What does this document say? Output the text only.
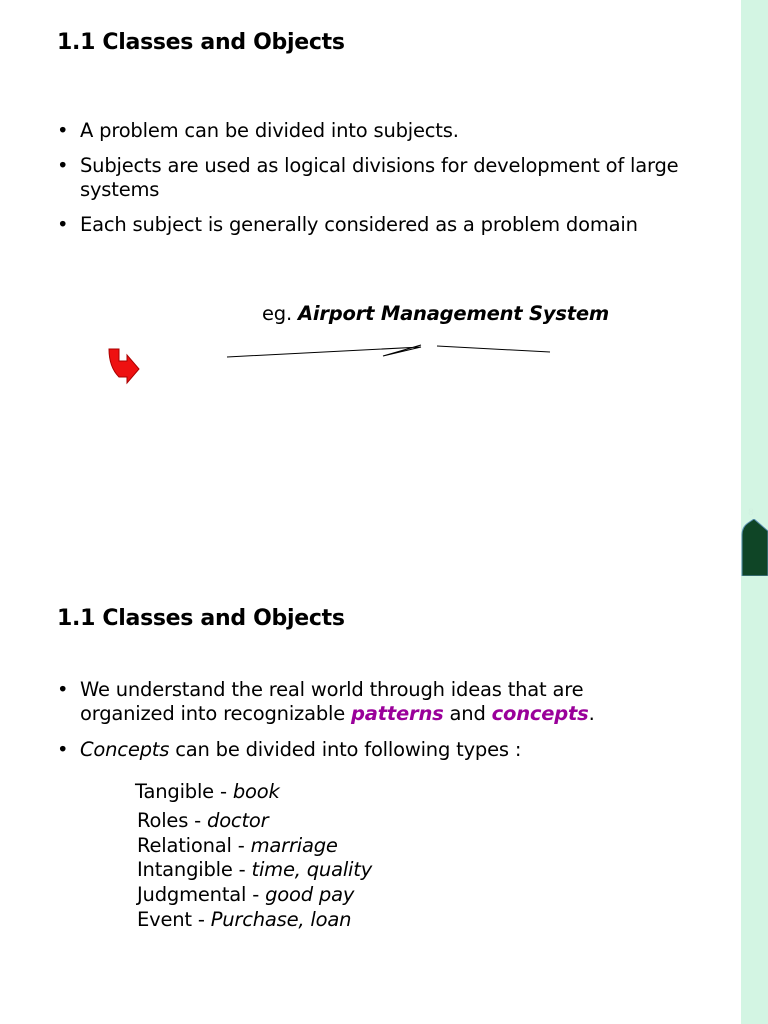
8
1.1 Classes and Objects
• A problem can be divided into subjects.
• Subjects are used as logical divisions for development of large systems
• Each subject is generally considered as a problem domain
eg. Airport Management System
1.1 Classes and Objects
• We understand the real world through ideas that are organized into recognizable patterns and concepts.
• Concepts can be divided into following types :
Tangible - book
Roles - doctor
Relational - marriage
Intangible - time, quality
Judgmental - good pay
Event - Purchase, loan
